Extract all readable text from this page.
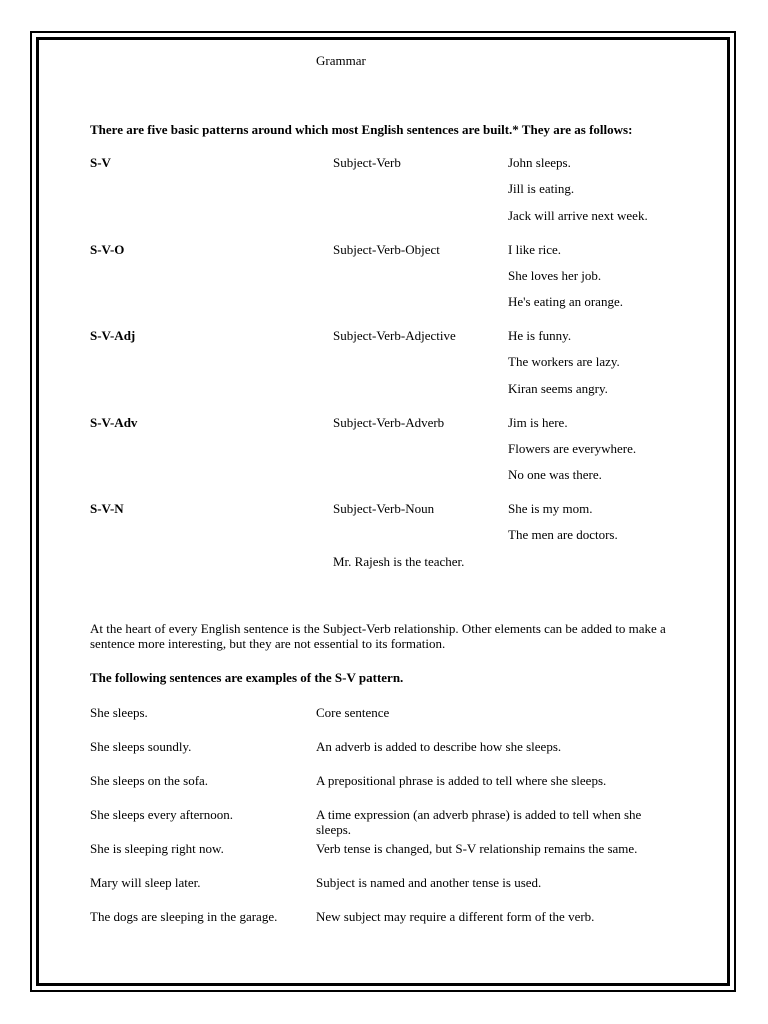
Grammar
There are five basic patterns around which most English sentences are built.* They are as follows:
S-V	Subject-Verb	John sleeps.
Jill is eating.
Jack will arrive next week.
S-V-O	Subject-Verb-Object	I like rice.
She loves her job.
He's eating an orange.
S-V-Adj	Subject-Verb-Adjective	He is funny.
The workers are lazy.
Kiran seems angry.
S-V-Adv	Subject-Verb-Adverb	Jim is here.
Flowers are everywhere.
No one was there.
S-V-N	Subject-Verb-Noun	She is my mom.
The men are doctors.
Mr. Rajesh is the teacher.
At the heart of every English sentence is the Subject-Verb relationship. Other elements can be added to make a sentence more interesting, but they are not essential to its formation.
The following sentences are examples of the S-V pattern.
She sleeps.	Core sentence
She sleeps soundly.	An adverb is added to describe how she sleeps.
She sleeps on the sofa.	A prepositional phrase is added to tell where she sleeps.
She sleeps every afternoon.	A time expression (an adverb phrase) is added to tell when she sleeps.
She is sleeping right now.	Verb tense is changed, but S-V relationship remains the same.
Mary will sleep later.	Subject is named and another tense is used.
The dogs are sleeping in the garage.	New subject may require a different form of the verb.
